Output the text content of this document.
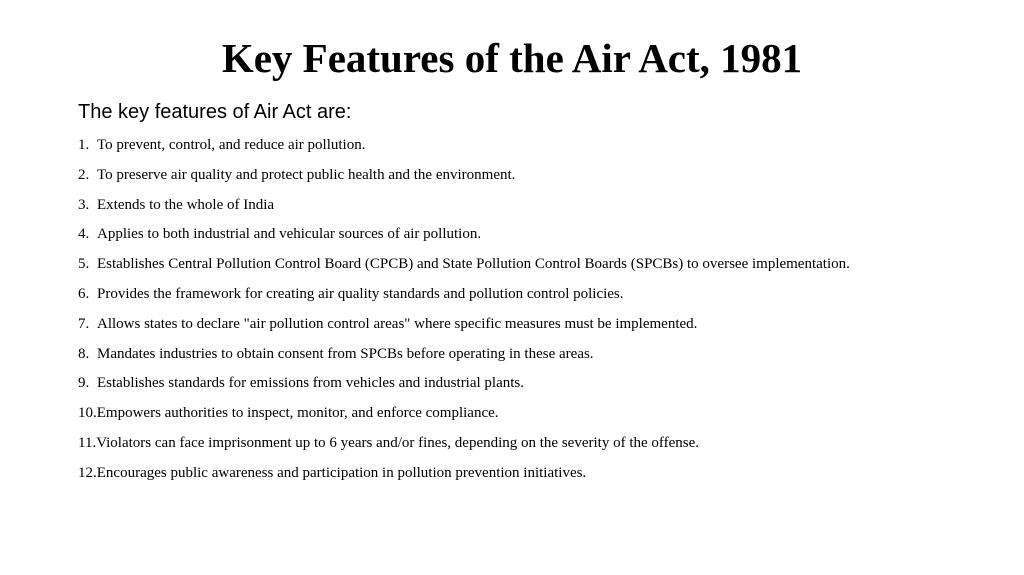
Key Features of the Air Act, 1981

The key features of Air Act are:

1. To prevent, control, and reduce air pollution.
2. To preserve air quality and protect public health and the environment.
3. Extends to the whole of India
4. Applies to both industrial and vehicular sources of air pollution.
5. Establishes Central Pollution Control Board (CPCB) and State Pollution Control Boards (SPCBs) to oversee implementation.
6. Provides the framework for creating air quality standards and pollution control policies.
7. Allows states to declare "air pollution control areas" where specific measures must be implemented.
8. Mandates industries to obtain consent from SPCBs before operating in these areas.
9. Establishes standards for emissions from vehicles and industrial plants.
10. Empowers authorities to inspect, monitor, and enforce compliance.
11. Violators can face imprisonment up to 6 years and/or fines, depending on the severity of the offense.
12. Encourages public awareness and participation in pollution prevention initiatives.
